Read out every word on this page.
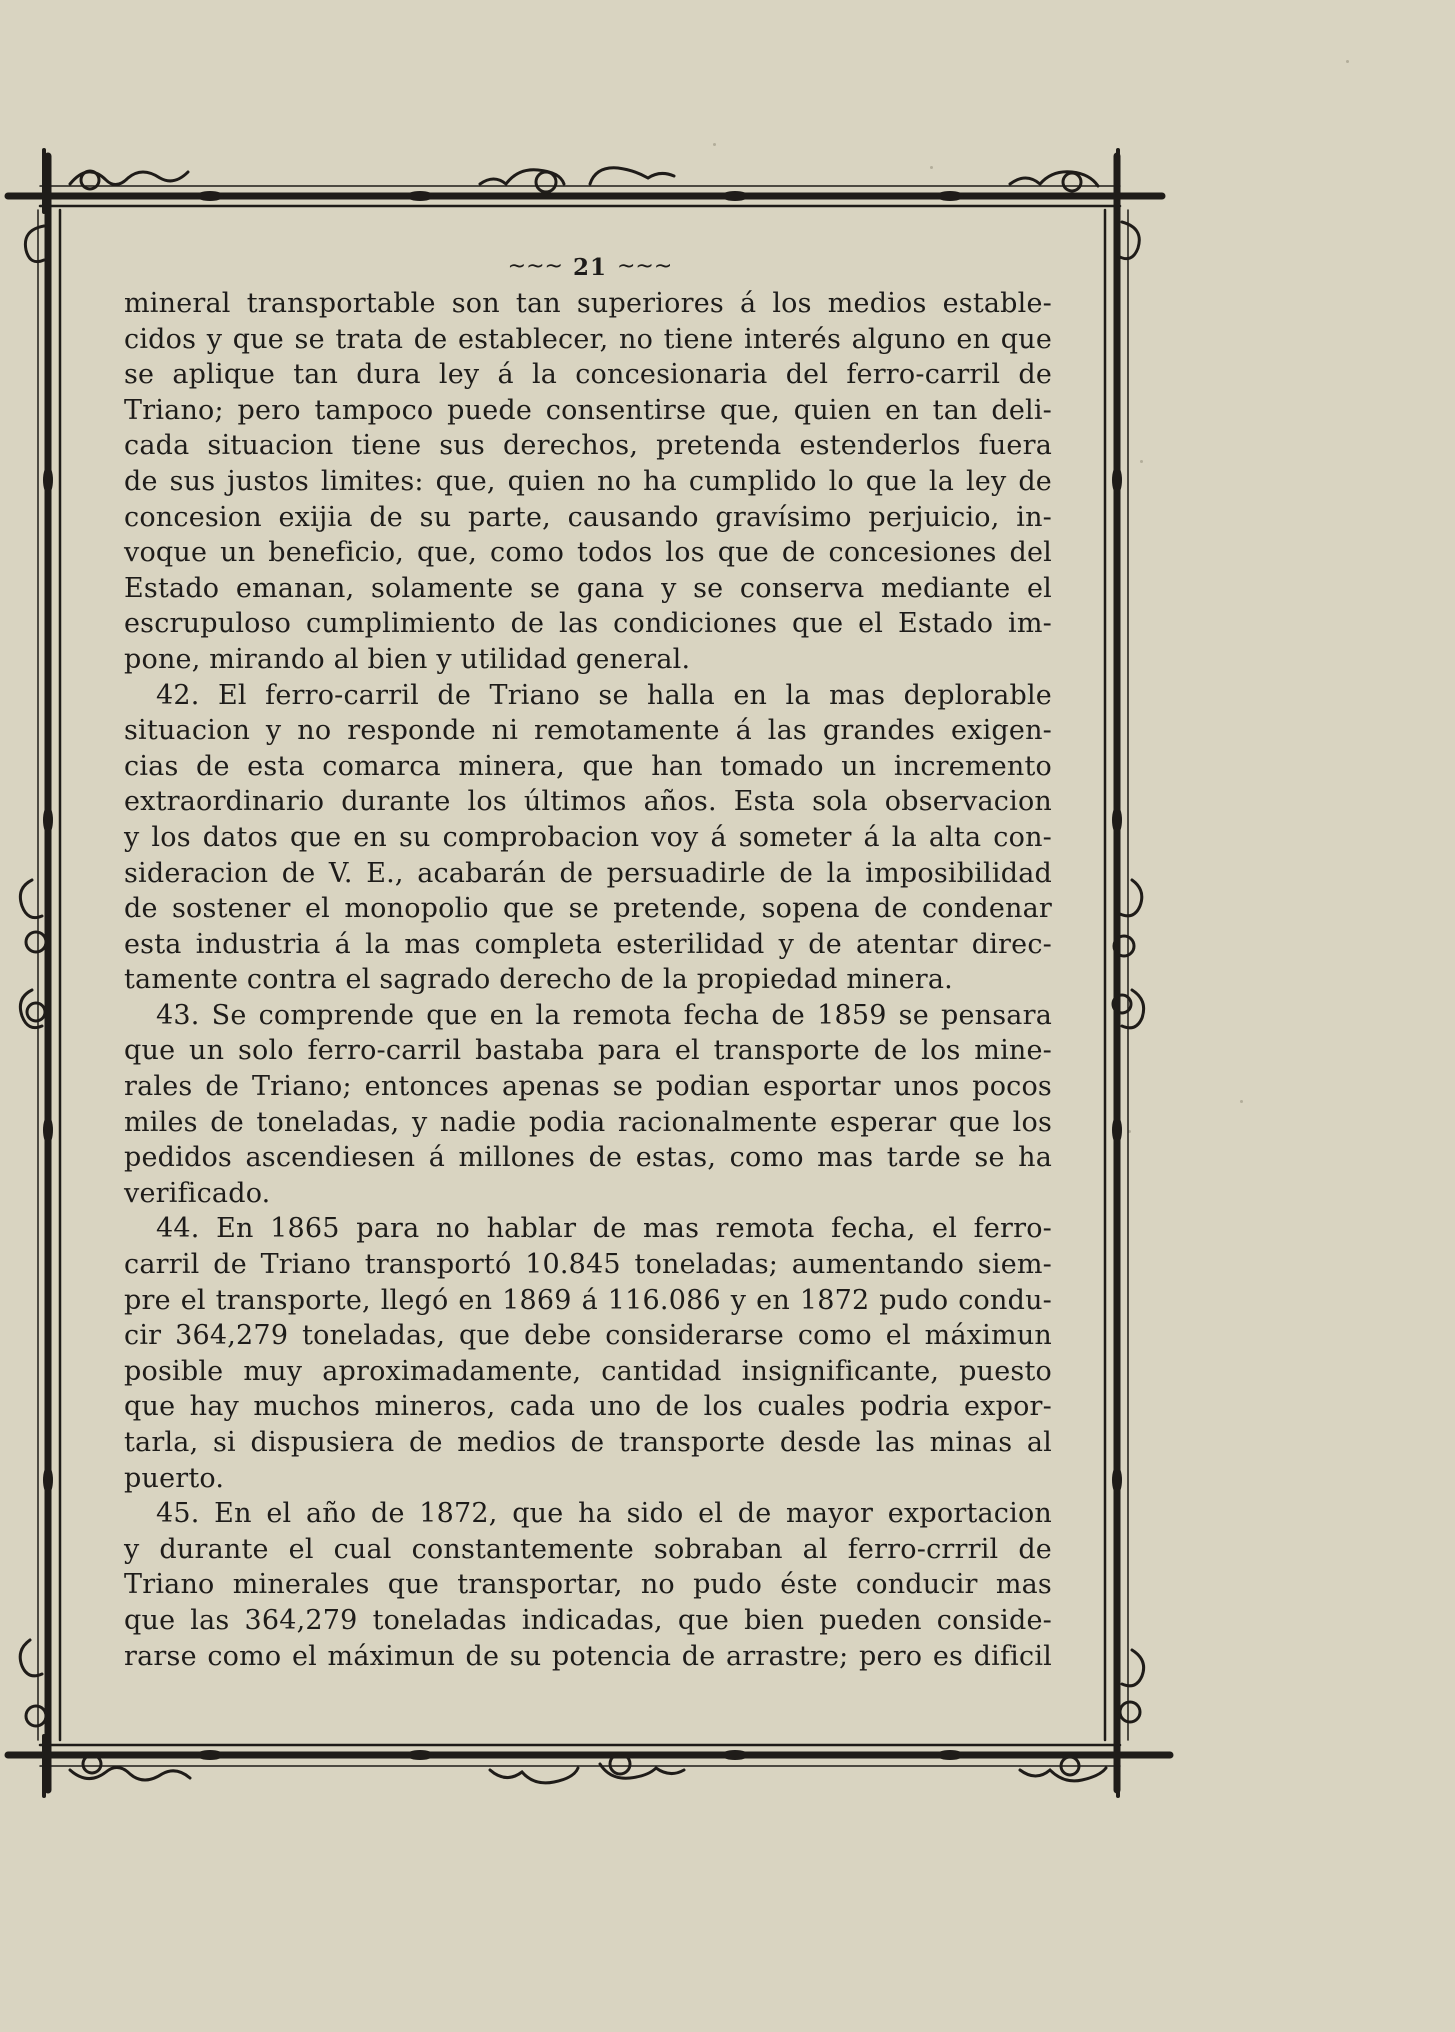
~~~ 21 ~~~
mineral transportable son tan superiores á los medios estable-
cidos y que se trata de establecer, no tiene interés alguno en que
se aplique tan dura ley á la concesionaria del ferro-carril de
Triano; pero tampoco puede consentirse que, quien en tan deli-
cada situacion tiene sus derechos, pretenda estenderlos fuera
de sus justos limites: que, quien no ha cumplido lo que la ley de
concesion exijia de su parte, causando gravísimo perjuicio, in-
voque un beneficio, que, como todos los que de concesiones del
Estado emanan, solamente se gana y se conserva mediante el
escrupuloso cumplimiento de las condiciones que el Estado im-
pone, mirando al bien y utilidad general.
42. El ferro-carril de Triano se halla en la mas deplorable
situacion y no responde ni remotamente á las grandes exigen-
cias de esta comarca minera, que han tomado un incremento
extraordinario durante los últimos años. Esta sola observacion
y los datos que en su comprobacion voy á someter á la alta con-
sideracion de V. E., acabarán de persuadirle de la imposibilidad
de sostener el monopolio que se pretende, sopena de condenar
esta industria á la mas completa esterilidad y de atentar direc-
tamente contra el sagrado derecho de la propiedad minera.
43. Se comprende que en la remota fecha de 1859 se pensara
que un solo ferro-carril bastaba para el transporte de los mine-
rales de Triano; entonces apenas se podian esportar unos pocos
miles de toneladas, y nadie podia racionalmente esperar que los
pedidos ascendiesen á millones de estas, como mas tarde se ha
verificado.
44. En 1865 para no hablar de mas remota fecha, el ferro-
carril de Triano transportó 10.845 toneladas; aumentando siem-
pre el transporte, llegó en 1869 á 116.086 y en 1872 pudo condu-
cir 364,279 toneladas, que debe considerarse como el máximun
posible muy aproximadamente, cantidad insignificante, puesto
que hay muchos mineros, cada uno de los cuales podria expor-
tarla, si dispusiera de medios de transporte desde las minas al
puerto.
45. En el año de 1872, que ha sido el de mayor exportacion
y durante el cual constantemente sobraban al ferro-crrril de
Triano minerales que transportar, no pudo éste conducir mas
que las 364,279 toneladas indicadas, que bien pueden conside-
rarse como el máximun de su potencia de arrastre; pero es dificil
